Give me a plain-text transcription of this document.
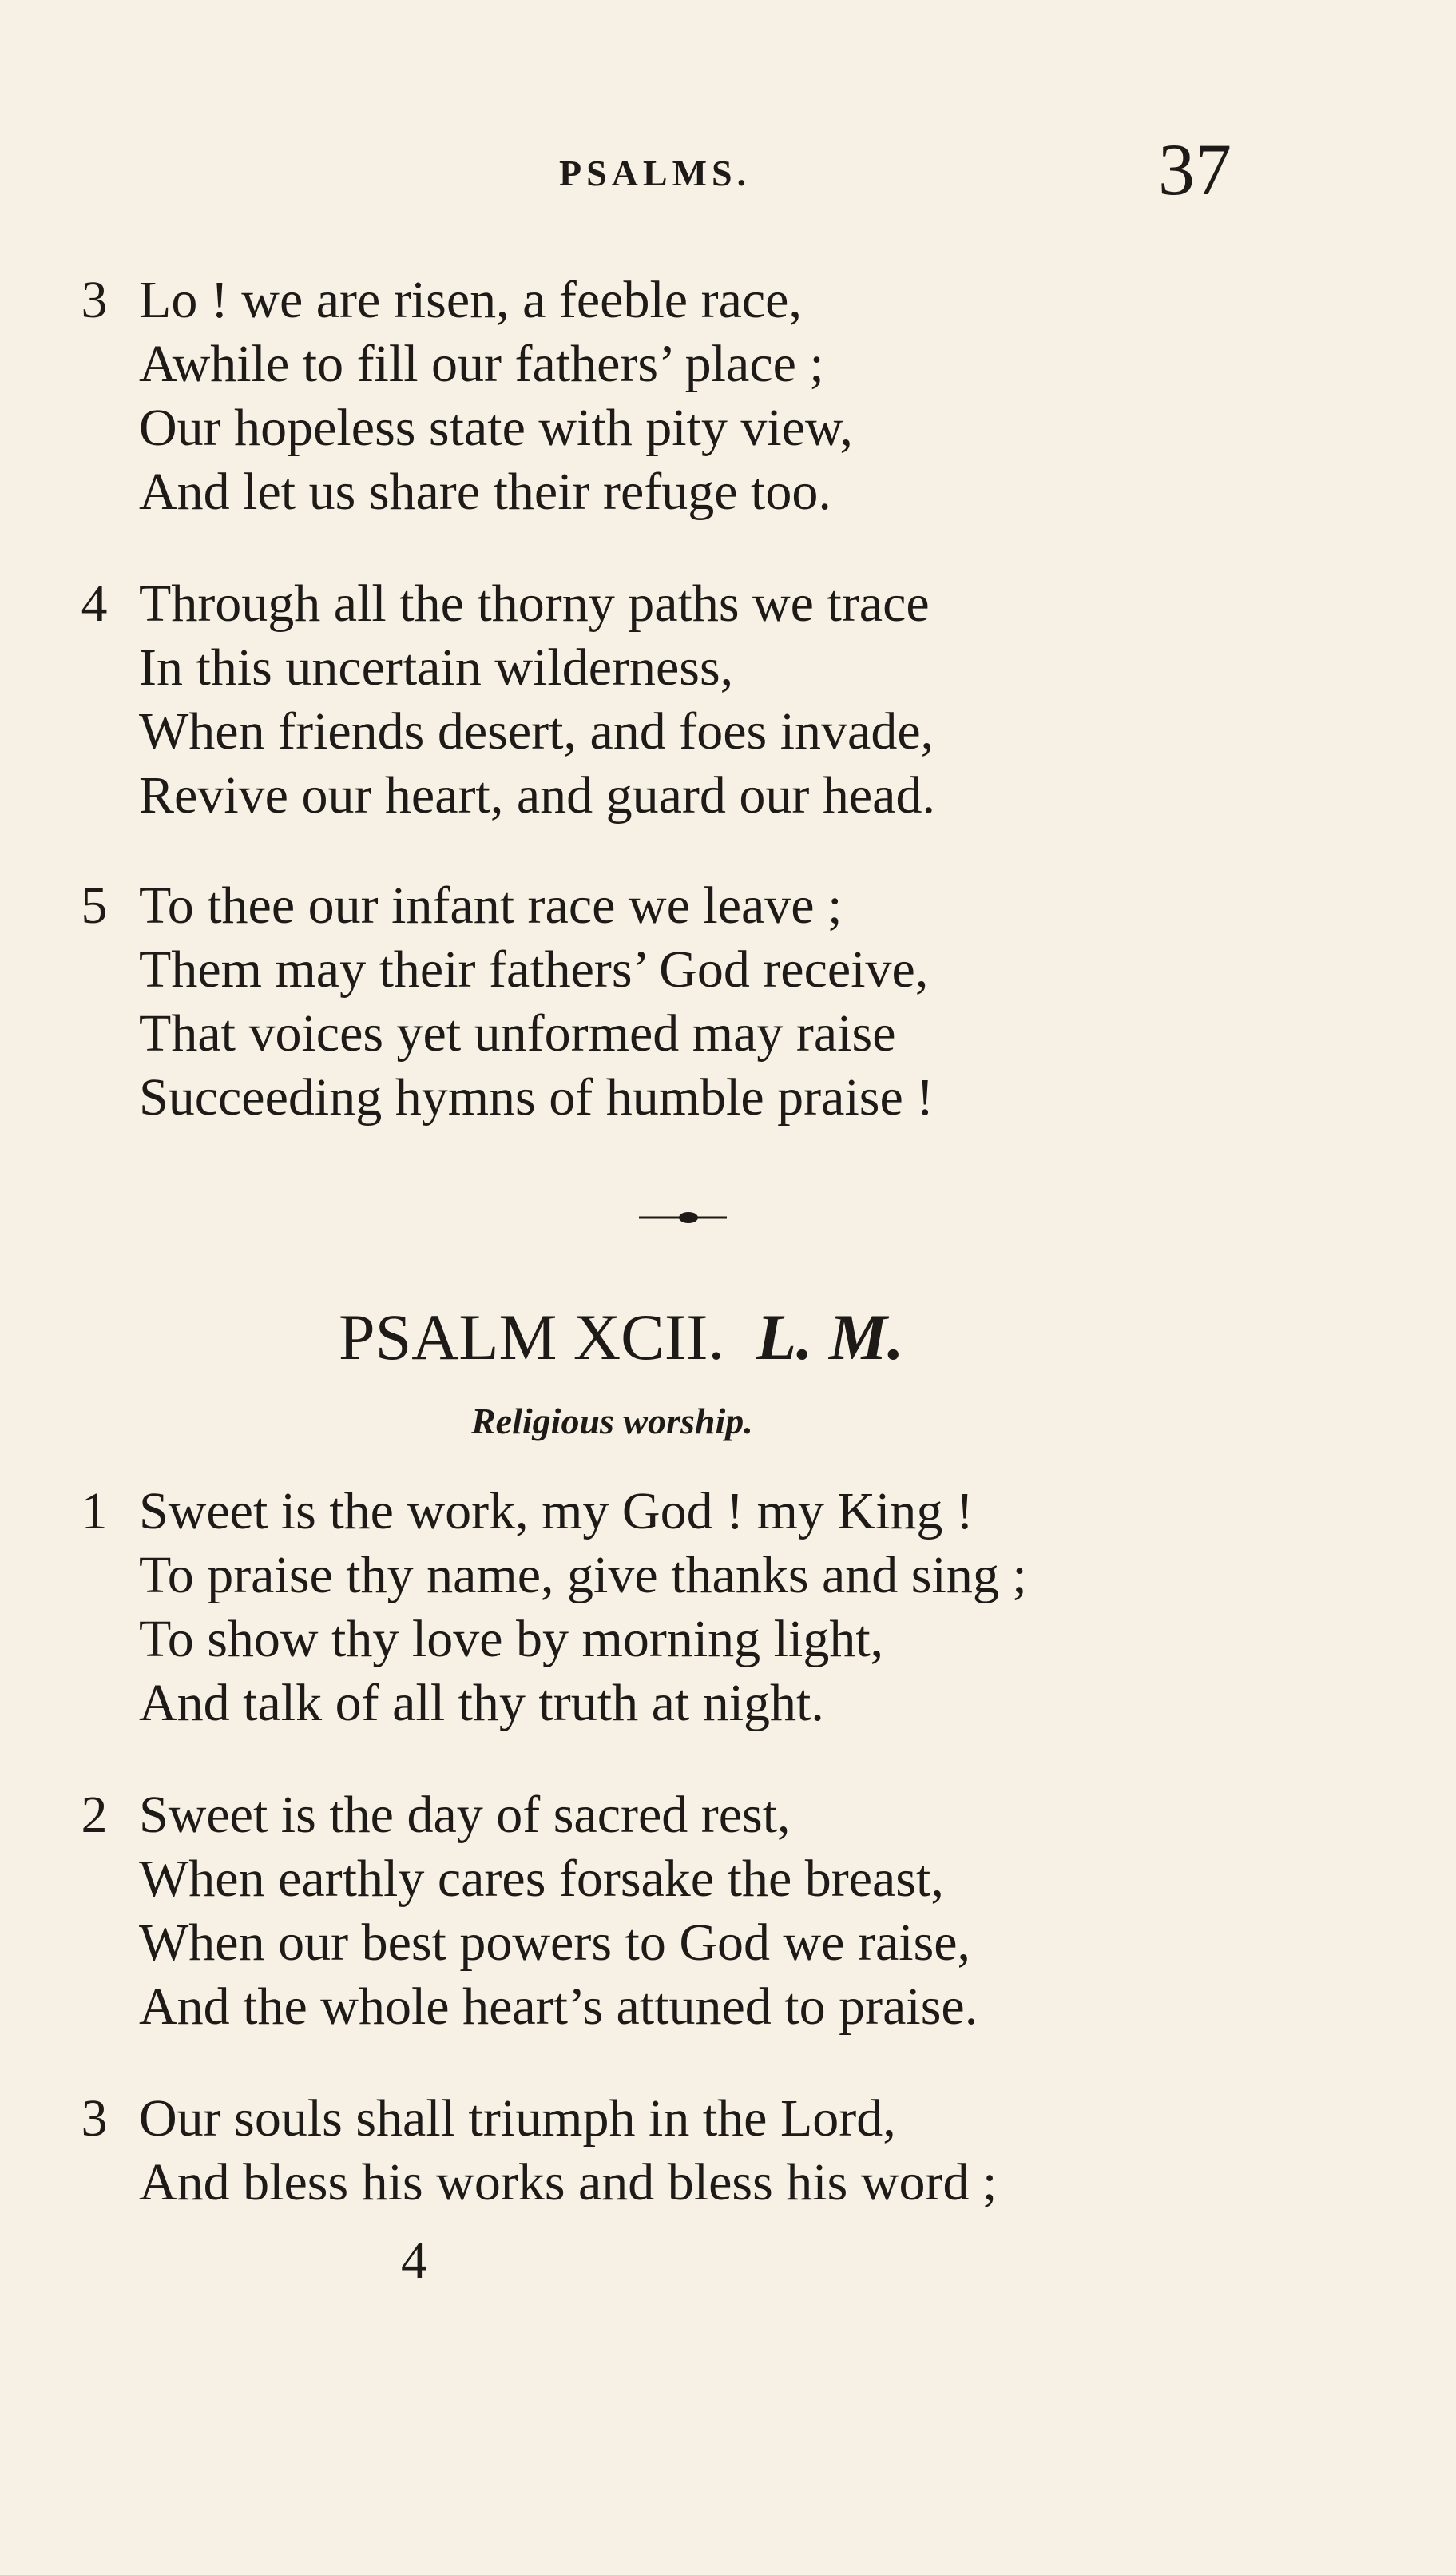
PSALMS.	37
3 Lo ! we are risen, a feeble race,
Awhile to fill our fathers’ place ;
Our hopeless state with pity view,
And let us share their refuge too.
4 Through all the thorny paths we trace
In this uncertain wilderness,
When friends desert, and foes invade,
Revive our heart, and guard our head.
5 To thee our infant race we leave ;
Them may their fathers’ God receive,
That voices yet unformed may raise
Succeeding hymns of humble praise !
PSALM XCII. L. M.
Religious worship.
1 Sweet is the work, my God ! my King !
To praise thy name, give thanks and sing ;
To show thy love by morning light,
And talk of all thy truth at night.
2 Sweet is the day of sacred rest,
When earthly cares forsake the breast,
When our best powers to God we raise,
And the whole heart’s attuned to praise.
3 Our souls shall triumph in the Lord,
And bless his works and bless his word ;
4
